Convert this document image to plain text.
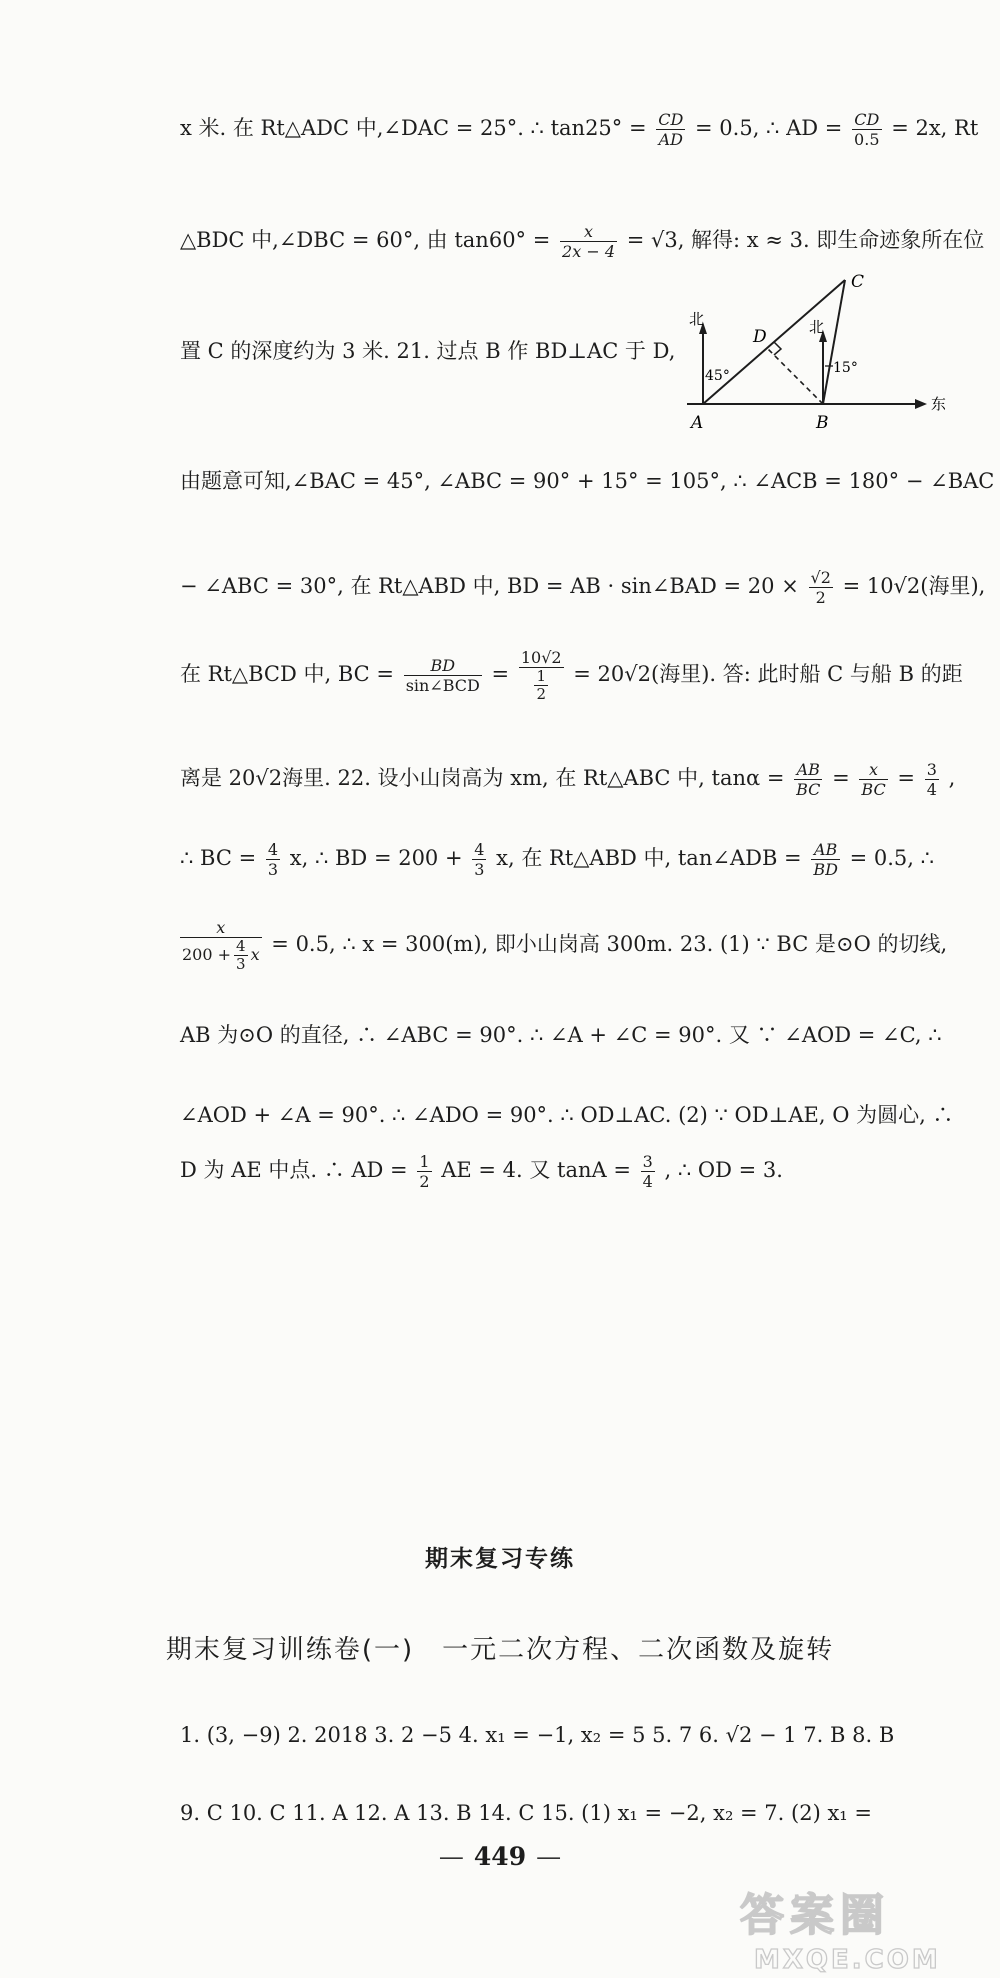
x 米. 在 Rt△ADC 中,∠DAC = 25°. ∴ $\tan 25^\circ = \frac{CD}{AD} = 0.5$, ∴ AD = $\frac{CD}{0.5} = 2x$, Rt
△BDC 中,∠DBC = 60°, 由 $\tan 60^\circ = \frac{x}{2x - 4} = √3$, 解得: x ≈ 3. 即生命迹象所在位
置 C 的深度约为 3 米. 21. 过点 B 作 BD⊥AC 于 D,
A	B
C
D
北	北
东
45°	15°
由题意可知,∠BAC = 45°, ∠ABC = 90° + 15° = 105°, ∴ ∠ACB = 180° − ∠BAC
− ∠ABC = 30°, 在 Rt△ABD 中, BD = AB · sin∠BAD = $20 \times \frac{√2}{2} = 10√2$(海里),
在 Rt△BCD 中, BC = $\frac{BD}{\text{sin∠BCD}} = \frac{10√2}{\frac{1}{2}} = 20√2$(海里). 答: 此时船 C 与船 B 的距
离是 20√2海里. 22. 设小山岗高为 xm, 在 Rt△ABC 中, $\tan\alpha = \frac{AB}{BC} = \frac{x}{BC} = \frac{3}{4}$ ,
∴ BC = $\frac{4}{3} x$, ∴ BD = $200 + \frac{4}{3} x$, 在 Rt△ABD 中, tan∠ADB = $\frac{AB}{BD} = 0.5$, ∴
$\frac{x}{200 + \frac{4}{3} x} = 0.5$, ∴ x = 300(m), 即小山岗高 300m. 23. (1) ∵ BC 是⊙O 的切线,
AB 为⊙O 的直径, ∴ ∠ABC = 90°. ∴ ∠A + ∠C = 90°. 又 ∵ ∠AOD = ∠C, ∴
∠AOD + ∠A = 90°. ∴ ∠ADO = 90°. ∴ OD⊥AC. (2) ∵ OD⊥AE, O 为圆心, ∴
D 为 AE 中点. ∴ AD = $\frac{1}{2}$ AE = 4. 又 $\tan A = \frac{3}{4}$ , ∴ OD = 3.
期末复习专练
期末复习训练卷(一) 一元二次方程、二次函数及旋转
1. (3, −9) 2. 2018 3. 2 −5 4. x₁ = −1, x₂ = 5 5. 7 6. √2 − 1 7. B 8. B
9. C 10. C 11. A 12. A 13. B 14. C 15. (1) x₁ = −2, x₂ = 7. (2) x₁ =
— 449 —
答案圈
MXQE.COM
